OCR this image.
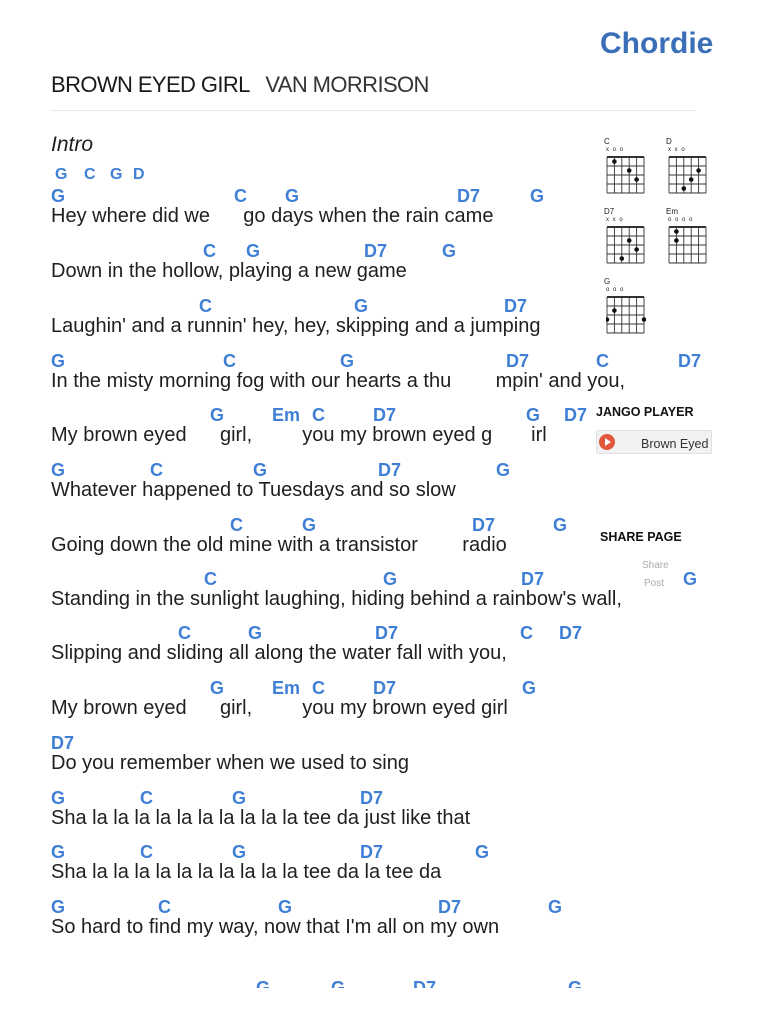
Chordie
BROWN EYED GIRL VAN MORRISON
Intro
G C G D
G	C G	D7	G
Hey where did we      go days when the rain came
C G	D7	G
Down in the hollow, playing a new game
C	G	D7
Laughin' and a runnin' hey, hey, skipping and a jumping
G	C	G	D7	C	D7
In the misty morning fog with our hearts a thu        mpin' and you,
G	Em C	D7	G D7
My brown eyed      girl,         you my brown eyed g       irl
G	C	G	D7	G
Whatever happened to Tuesdays and so slow
C	G	D7	G
Going down the old mine with a transistor        radio
C	G	D7	G
Standing in the sunlight laughing, hiding behind a rainbow's wall,
C	G	D7	C D7
Slipping and sliding all along the water fall with you,
G	Em C	D7	G
My brown eyed      girl,         you my brown eyed girl
D7
Do you remember when we used to sing
G	C	G	D7
Sha la la la la la la la la la la tee da just like that
G	C	G	D7	G
Sha la la la la la la la la la la tee da la tee da
G	C	G	D7	G
So hard to find my way, now that I'm all on my own
C
x o o
D
x x o
D7
x x o
Em
o o o o
G
o o o
JANGO PLAYER
Brown Eyed
SHARE PAGE
Share
Post
